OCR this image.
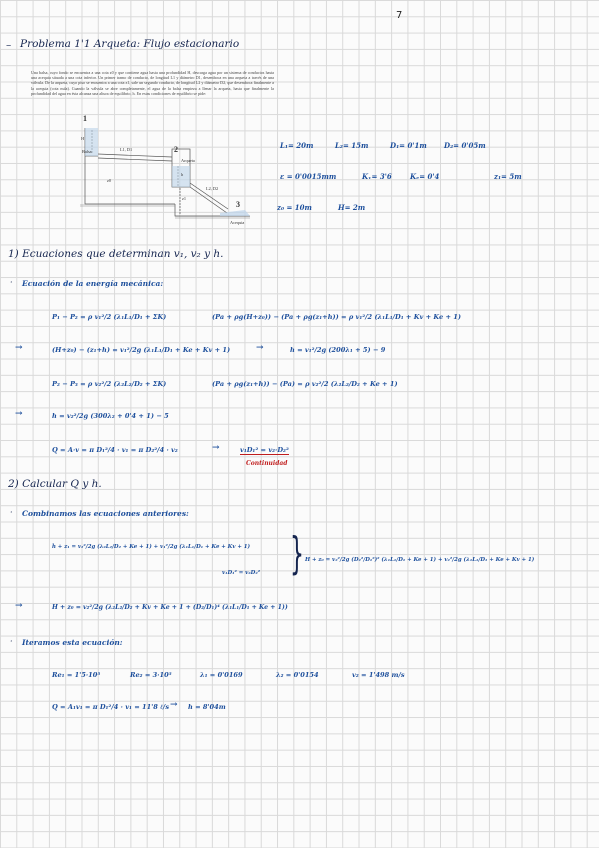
7
– Problema 1'1 Arqueta: Flujo estacionario
Una balsa, cuyo fondo se encuentra a una cota z0 y que contiene agua hasta una profundidad H, descarga agua por un sistema de conductos hasta una acequia situada a una cota inferior. Un primer tramo de conducto, de longitud L1 y diámetro D1, desemboca en una arqueta a través de una válvula. De la arqueta, cuyo piso se encuentra a una cota z1, sale un segundo conducto, de longitud L2 y diámetro D2, que desemboca finalmente a la acequia (cota nula). Cuando la válvula se abre completamente, el agua de la balsa empieza a llenar la arqueta, hasta que finalmente la profundidad del agua en ésta alcanza una altura de equilibrio, h. En estas condiciones de equilibrio se pide:
1
2
3
H
Balsa	L1, D1
Arqueta
h
z0
z1
L2, D2
Acequia
L₁= 20m	L₂= 15m	D₁= 0'1m D₂= 0'05m
ε = 0'0015mm	Kᵥ= 3'6	Kₑ= 0'4	z₁= 5m
z₀ = 10m	H= 2m
1) Ecuaciones que determinan v₁, v₂ y h.
· Ecuación de la energía mecánica:
P₁ − P₂ = ρ v₁²/2 (λ₁L₁/D₁ + ΣK)	(Pa + ρg(H+z₀)) − (Pa + ρg(z₁+h)) = ρ v₁²/2 (λ₁L₁/D₁ + Kv + Ke + 1)
→	(H+z₀) − (z₁+h) = v₁²/2g (λ₁L₁/D₁ + Ke + Kv + 1)	→	h = v₁²/2g (200λ₁ + 5) − 9
P₂ − P₃ = ρ v₂²/2 (λ₂L₂/D₂ + ΣK)	(Pa + ρg(z₁+h)) − (Pa) = ρ v₂²/2 (λ₂L₂/D₂ + Ke + 1)
→	h = v₂²/2g (300λ₂ + 0'4 + 1) − 5
Q = A·v = π D₁²/4 · v₁ = π D₂²/4 · v₂	→	v₁D₁² = v₂·D₂²
Continuidad
2) Calcular Q y h.
· Combinamos las ecuaciones anteriores:
h + z₁ = v₂²/2g (λ₂L₂/D₂ + Ke + 1) + v₁²/2g (λ₁L₁/D₁ + Ke + Kv + 1)
v₁D₁² = v₂D₂² } H + z₀ = v₂²/2g (D₂²/D₁²)² (λ₁L₁/D₁ + Ke + 1) + v₂²/2g (λ₁L₁/D₁ + Ke + Kv + 1)
→	H + z₀ = v₂²/2g (λ₂L₂/D₂ + Kv + Ke + 1 + (D₂/D₁)⁴ (λ₁L₁/D₁ + Ke + 1))
· Iteramos esta ecuación:
Re₁ = 1'5·10⁵	Re₂ = 3·10⁵	λ₁ = 0'0169	λ₂ = 0'0154	v₂ = 1'498 m/s
Q = A₁v₁ = π D₁²/4 · v₁ = 11'8 ℓ/s → h = 8'04m
